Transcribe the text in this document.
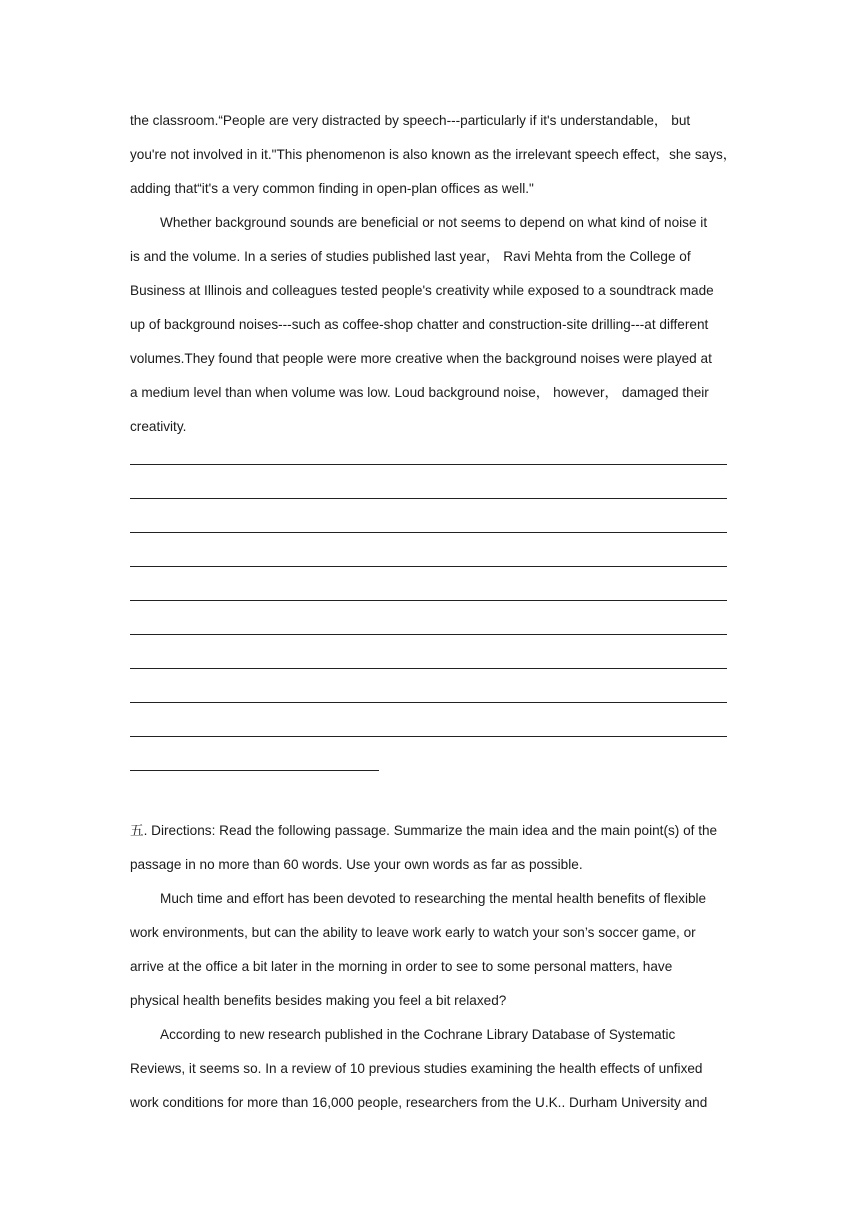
the classroom.“People are very distracted by speech---particularly if it's understandable， but
you're not involved in it."This phenomenon is also known as the irrelevant speech effect，she says，
adding that“it's a very common finding in open-plan offices as well."
Whether background sounds are beneficial or not seems to depend on what kind of noise it
is and the volume. In a series of studies published last year， Ravi Mehta from the College of
Business at Illinois and colleagues tested people's creativity while exposed to a soundtrack made
up of background noises---such as coffee-shop chatter and construction-site drilling---at different
volumes.They found that people were more creative when the background noises were played at
a medium level than when volume was low. Loud background noise， however， damaged their
creativity.
五. Directions: Read the following passage. Summarize the main idea and the main point(s) of the
passage in no more than 60 words. Use your own words as far as possible.
Much time and effort has been devoted to researching the mental health benefits of flexible
work environments, but can the ability to leave work early to watch your son’s soccer game, or
arrive at the office a bit later in the morning in order to see to some personal matters, have
physical health benefits besides making you feel a bit relaxed?
According to new research published in the Cochrane Library Database of Systematic
Reviews, it seems so. In a review of 10 previous studies examining the health effects of unfixed
work conditions for more than 16,000 people, researchers from the U.K.. Durham University and
